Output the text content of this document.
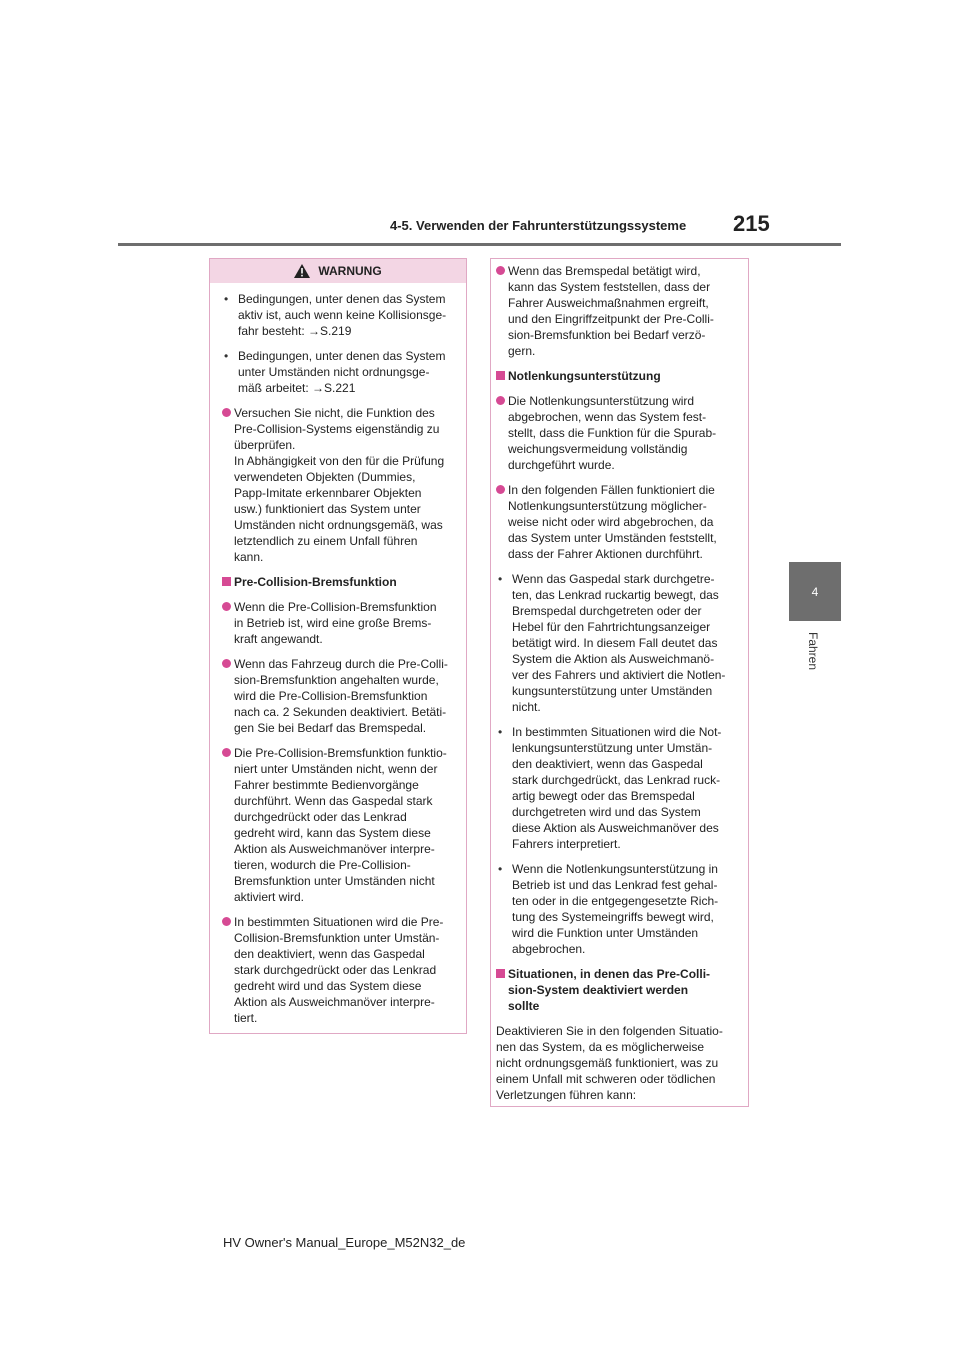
4-5. Verwenden der Fahrunterstützungssysteme 215
4
Fahren
WARNUNG
• Bedingungen, unter denen das System
aktiv ist, auch wenn keine Kollisionsge-
fahr besteht: →S.219
• Bedingungen, unter denen das System
unter Umständen nicht ordnungsge-
mäß arbeitet: →S.221
Versuchen Sie nicht, die Funktion des
Pre-Collision-Systems eigenständig zu
überprüfen.
In Abhängigkeit von den für die Prüfung
verwendeten Objekten (Dummies,
Papp-Imitate erkennbarer Objekten
usw.) funktioniert das System unter
Umständen nicht ordnungsgemäß, was
letztendlich zu einem Unfall führen
kann.
Pre-Collision-Bremsfunktion
Wenn die Pre-Collision-Bremsfunktion
in Betrieb ist, wird eine große Brems-
kraft angewandt.
Wenn das Fahrzeug durch die Pre-Colli-
sion-Bremsfunktion angehalten wurde,
wird die Pre-Collision-Bremsfunktion
nach ca. 2 Sekunden deaktiviert. Betäti-
gen Sie bei Bedarf das Bremspedal.
Die Pre-Collision-Bremsfunktion funktio-
niert unter Umständen nicht, wenn der
Fahrer bestimmte Bedienvorgänge
durchführt. Wenn das Gaspedal stark
durchgedrückt oder das Lenkrad
gedreht wird, kann das System diese
Aktion als Ausweichmanöver interpre-
tieren, wodurch die Pre-Collision-
Bremsfunktion unter Umständen nicht
aktiviert wird.
In bestimmten Situationen wird die Pre-
Collision-Bremsfunktion unter Umstän-
den deaktiviert, wenn das Gaspedal
stark durchgedrückt oder das Lenkrad
gedreht wird und das System diese
Aktion als Ausweichmanöver interpre-
tiert.
Wenn das Bremspedal betätigt wird,
kann das System feststellen, dass der
Fahrer Ausweichmaßnahmen ergreift,
und den Eingriffzeitpunkt der Pre-Colli-
sion-Bremsfunktion bei Bedarf verzö-
gern.
Notlenkungsunterstützung
Die Notlenkungsunterstützung wird
abgebrochen, wenn das System fest-
stellt, dass die Funktion für die Spurab-
weichungsvermeidung vollständig
durchgeführt wurde.
In den folgenden Fällen funktioniert die
Notlenkungsunterstützung möglicher-
weise nicht oder wird abgebrochen, da
das System unter Umständen feststellt,
dass der Fahrer Aktionen durchführt.
• Wenn das Gaspedal stark durchgetre-
ten, das Lenkrad ruckartig bewegt, das
Bremspedal durchgetreten oder der
Hebel für den Fahrtrichtungsanzeiger
betätigt wird. In diesem Fall deutet das
System die Aktion als Ausweichmanö-
ver des Fahrers und aktiviert die Notlen-
kungsunterstützung unter Umständen
nicht.
• In bestimmten Situationen wird die Not-
lenkungsunterstützung unter Umstän-
den deaktiviert, wenn das Gaspedal
stark durchgedrückt, das Lenkrad ruck-
artig bewegt oder das Bremspedal
durchgetreten wird und das System
diese Aktion als Ausweichmanöver des
Fahrers interpretiert.
• Wenn die Notlenkungsunterstützung in
Betrieb ist und das Lenkrad fest gehal-
ten oder in die entgegengesetzte Rich-
tung des Systemeingriffs bewegt wird,
wird die Funktion unter Umständen
abgebrochen.
Situationen, in denen das Pre-Colli-
sion-System deaktiviert werden
sollte
Deaktivieren Sie in den folgenden Situatio-
nen das System, da es möglicherweise
nicht ordnungsgemäß funktioniert, was zu
einem Unfall mit schweren oder tödlichen
Verletzungen führen kann:
HV Owner's Manual_Europe_M52N32_de
